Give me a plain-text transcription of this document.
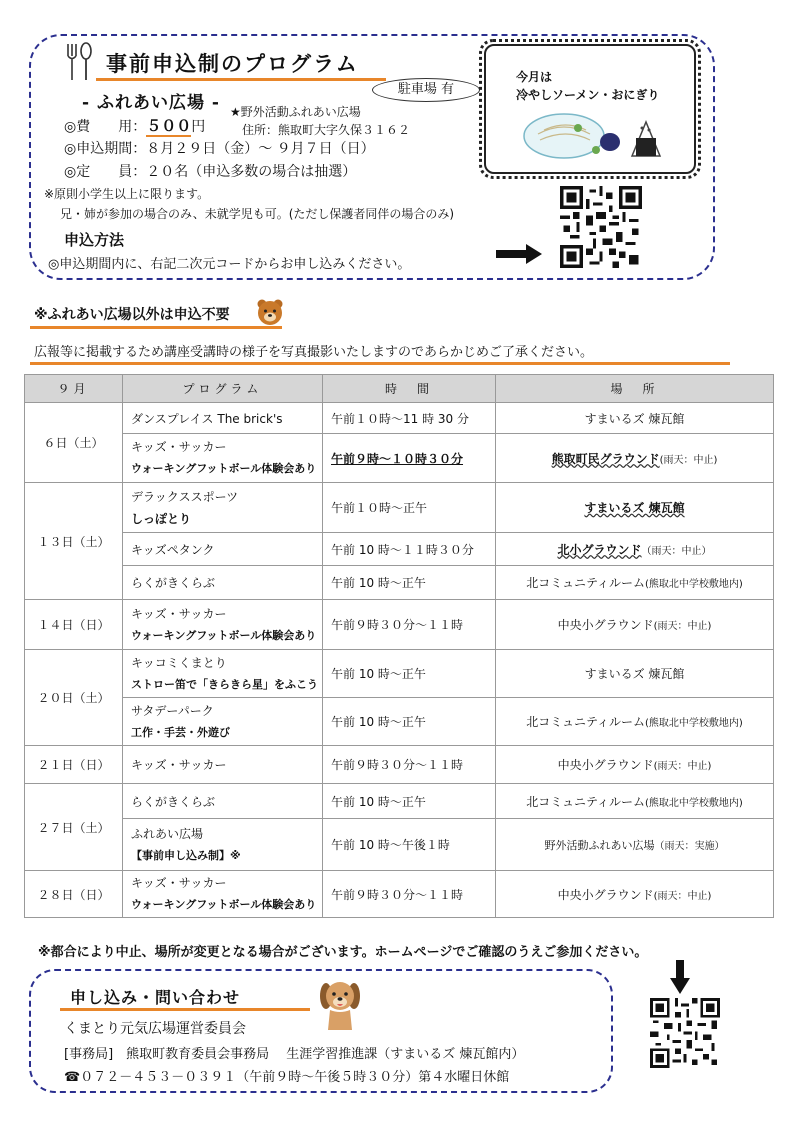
事前申込制のプログラム
- ふれあい広場 -
駐車場 有
★野外活動ふれあい広場
住所：熊取町大字久保３１６２
◎費　　用：５００円
◎申込期間：８月２９日（金）～ ９月７日（日）
◎定　　員：２０名（申込多数の場合は抽選）
※原則小学生以上に限ります。
兄・姉が参加の場合のみ、未就学児も可。(ただし保護者同伴の場合のみ)
申込方法
◎申込期間内に、右記二次元コードからお申し込みください。
今月は
冷やしソーメン・おにぎり
※ふれあい広場以外は申込不要
広報等に掲載するため講座受講時の様子を写真撮影いたしますのであらかじめご了承ください。
９月	プログラム	時　間	場　所
６日（土）	ダンスプレイス The brick's	午前１０時～11 時 30 分	すまいるズ 煉瓦館

	キッズ・サッカー
ウォーキングフットボール体験会あり	午前９時～１０時３０分	熊取町民グラウンド(雨天：中止)
１３日（土）	デラックススポーツ
しっぽとり	午前１０時～正午	すまいるズ 煉瓦館
	キッズペタンク	午前 10 時～１１時３０分	北小グラウンド（雨天：中止）
	らくがきくらぶ	午前 10 時～正午	北コミュニティルーム(熊取北中学校敷地内)
１４日（日）	キッズ・サッカー
ウォーキングフットボール体験会あり	午前９時３０分～１１時	中央小グラウンド(雨天：中止)
２０日（土）	キッコミくまとり
ストロー笛で「きらきら星」をふこう	午前 10 時～正午	すまいるズ 煉瓦館

	サタデーパーク
工作・手芸・外遊び	午前 10 時～正午	北コミュニティルーム(熊取北中学校敷地内)
２１日（日）	キッズ・サッカー	午前９時３０分～１１時	中央小グラウンド(雨天：中止)
２７日（土）	らくがきくらぶ	午前 10 時～正午	北コミュニティルーム(熊取北中学校敷地内)

	ふれあい広場
【事前申し込み制】※	午前 10 時～午後１時	野外活動ふれあい広場（雨天：実施）
２８日（日）	キッズ・サッカー
ウォーキングフットボール体験会あり	午前９時３０分～１１時	中央小グラウンド(雨天：中止)
※都合により中止、場所が変更となる場合がございます。ホームページでご確認のうえご参加ください。
申し込み・問い合わせ
くまとり元気広場運営委員会
[事務局]　熊取町教育委員会事務局　 生涯学習推進課（すまいるズ 煉瓦館内）
☎０７２－４５３－０３９１（午前９時～午後５時３０分）第４水曜日休館
